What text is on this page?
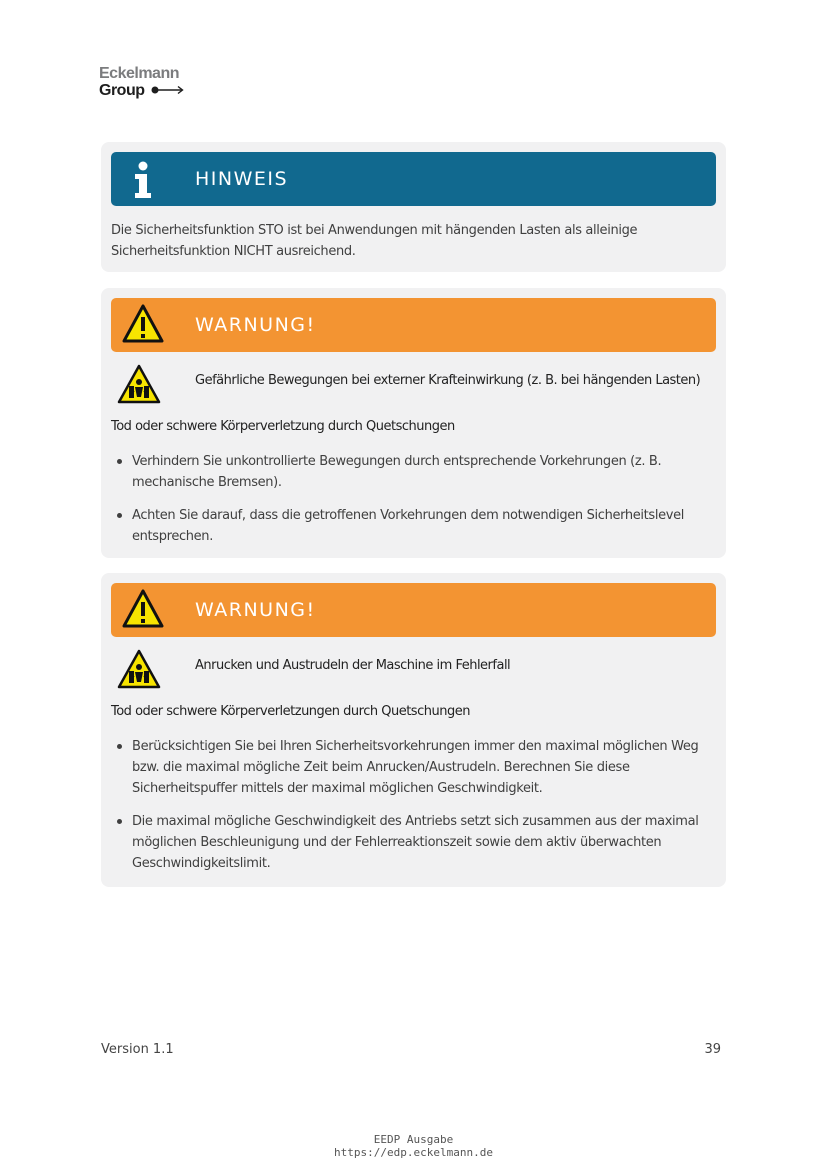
Eckelmann
Group
HINWEIS
Die Sicherheitsfunktion STO ist bei Anwendungen mit hängenden Lasten als alleinige Sicherheitsfunktion NICHT ausreichend.
WARNUNG!
Gefährliche Bewegungen bei externer Krafteinwirkung (z. B. bei hängenden Lasten)
Tod oder schwere Körperverletzung durch Quetschungen
Verhindern Sie unkontrollierte Bewegungen durch entsprechende Vorkehrungen (z. B. mechanische Bremsen).
Achten Sie darauf, dass die getroffenen Vorkehrungen dem notwendigen Sicherheitslevel entsprechen.
WARNUNG!
Anrucken und Austrudeln der Maschine im Fehlerfall
Tod oder schwere Körperverletzungen durch Quetschungen
Berücksichtigen Sie bei Ihren Sicherheitsvorkehrungen immer den maximal möglichen Weg bzw. die maximal mögliche Zeit beim Anrucken/Austrudeln. Berechnen Sie diese Sicherheitspuffer mittels der maximal möglichen Geschwindigkeit.
Die maximal mögliche Geschwindigkeit des Antriebs setzt sich zusammen aus der maximal möglichen Beschleunigung und der Fehlerreaktionszeit sowie dem aktiv überwachten Geschwindigkeitslimit.
Version 1.1	39
EEDP Ausgabe
https://edp.eckelmann.de
